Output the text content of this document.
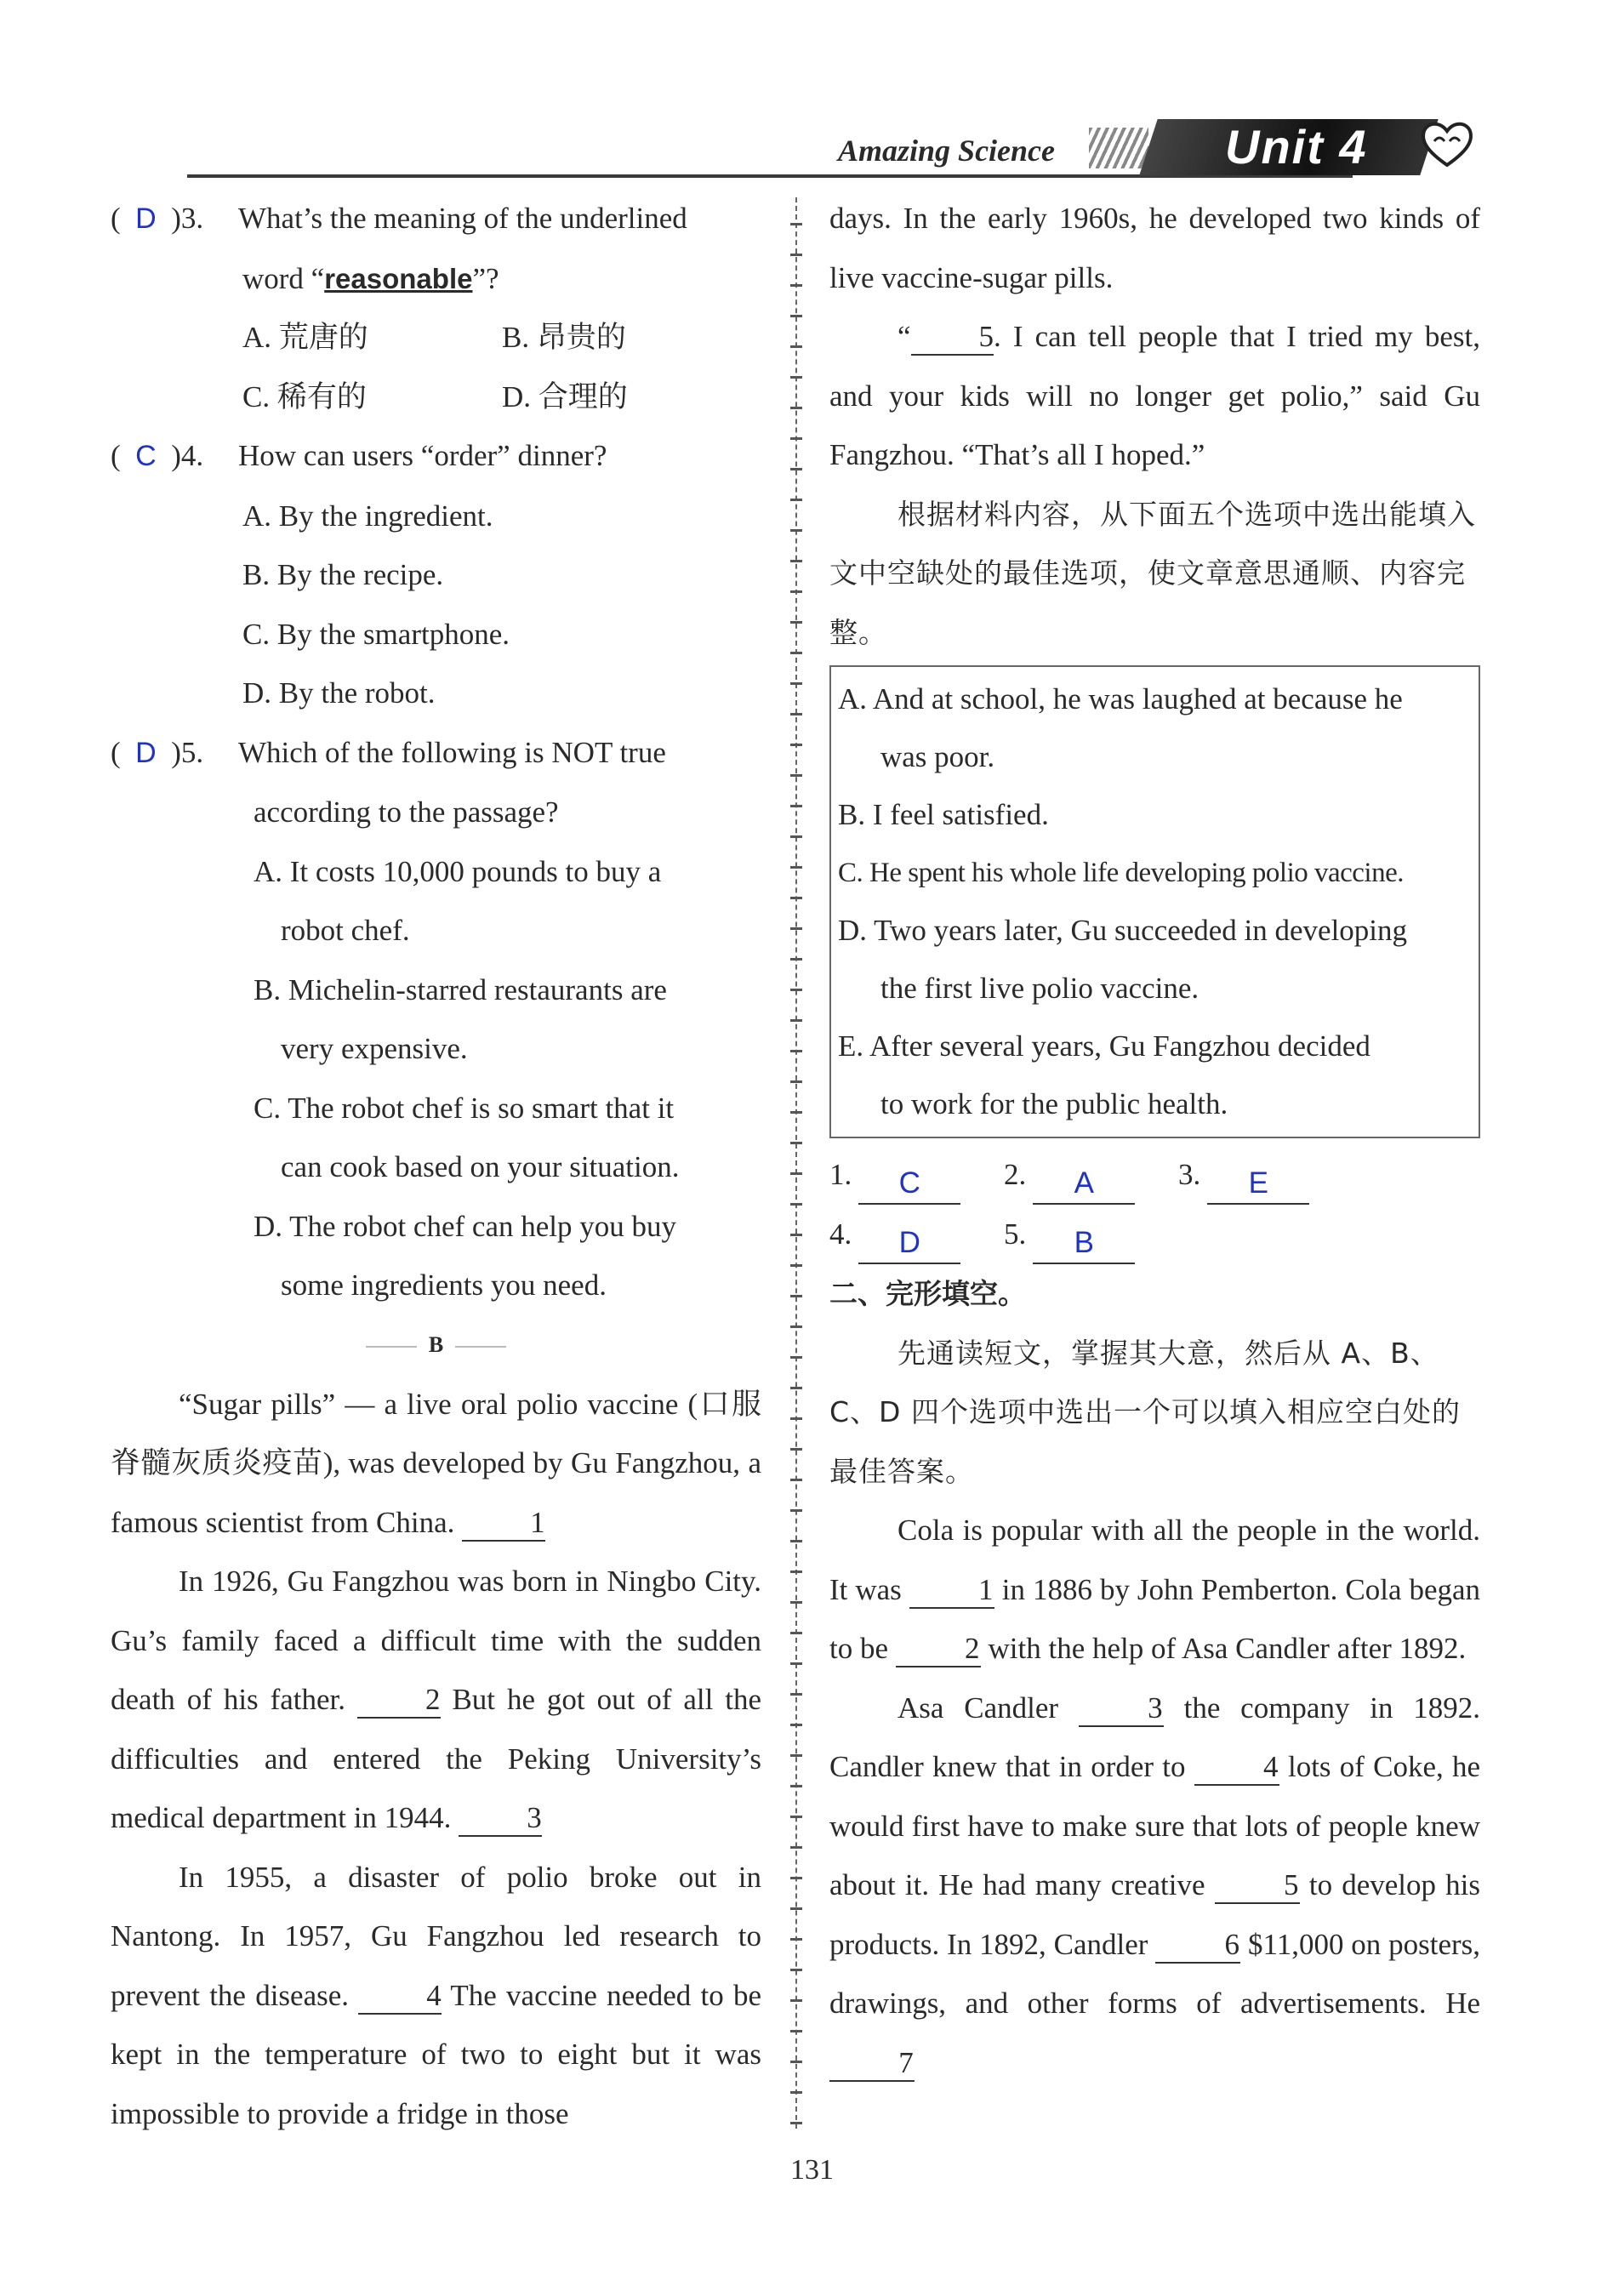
Amazing Science	Unit 4
(  D )3.	What’s the meaning of the underlined
word “reasonable”?
A. 荒唐的	B. 昂贵的
C. 稀有的	D. 合理的
(  C )4.	How can users “order” dinner?
A. By the ingredient.
B. By the recipe.
C. By the smartphone.
D. By the robot.
(  D )5.	Which of the following is NOT true
according to the passage?
A. It costs 10,000 pounds to buy a
robot chef.
B. Michelin-starred restaurants are
very expensive.
C. The robot chef is so smart that it
can cook based on your situation.
D. The robot chef can help you buy
some ingredients you need.
B
“Sugar pills” — a live oral polio vaccine (口服脊髓灰质炎疫苗), was developed by Gu Fangzhou, a famous scientist from China.	1
In 1926, Gu Fangzhou was born in Ningbo City. Gu’s family faced a difficult time with the sudden death of his father.	2 But he got out of all the difficulties and entered the Peking University’s medical department in 1944.	3
In 1955, a disaster of polio broke out in Nantong. In 1957, Gu Fangzhou led research to prevent the disease.	4 The vaccine needed to be kept in the temperature of two to eight but it was impossible to provide a fridge in those
days. In the early 1960s, he developed two kinds of live vaccine-sugar pills.
“ 5. I can tell people that I tried my best, and your kids will no longer get polio,” said Gu Fangzhou. “That’s all I hoped.”
根据材料内容，从下面五个选项中选出能填入文中空缺处的最佳选项，使文章意思通顺、内容完整。
A. And at school, he was laughed at because he
was poor.
B. I feel satisfied.
C. He spent his whole life developing polio vaccine.
D. Two years later, Gu succeeded in developing
the first live polio vaccine.
E. After several years, Gu Fangzhou decided
to work for the public health.
1.	C	2.	A	3.	E
4.	D	5.	B
二、完形填空。
先通读短文，掌握其大意，然后从 A、B、C、D 四个选项中选出一个可以填入相应空白处的最佳答案。
Cola is popular with all the people in the world. It was	1 in 1886 by John Pemberton. Cola began to be	2 with the help of Asa Candler after 1892.
Asa Candler	3 the company in 1892. Candler knew that in order to	4 lots of Coke, he would first have to make sure that lots of people knew about it. He had many creative	5 to develop his products. In 1892, Candler	6 $11,000 on posters, drawings, and other forms of advertisements. He 7
131
